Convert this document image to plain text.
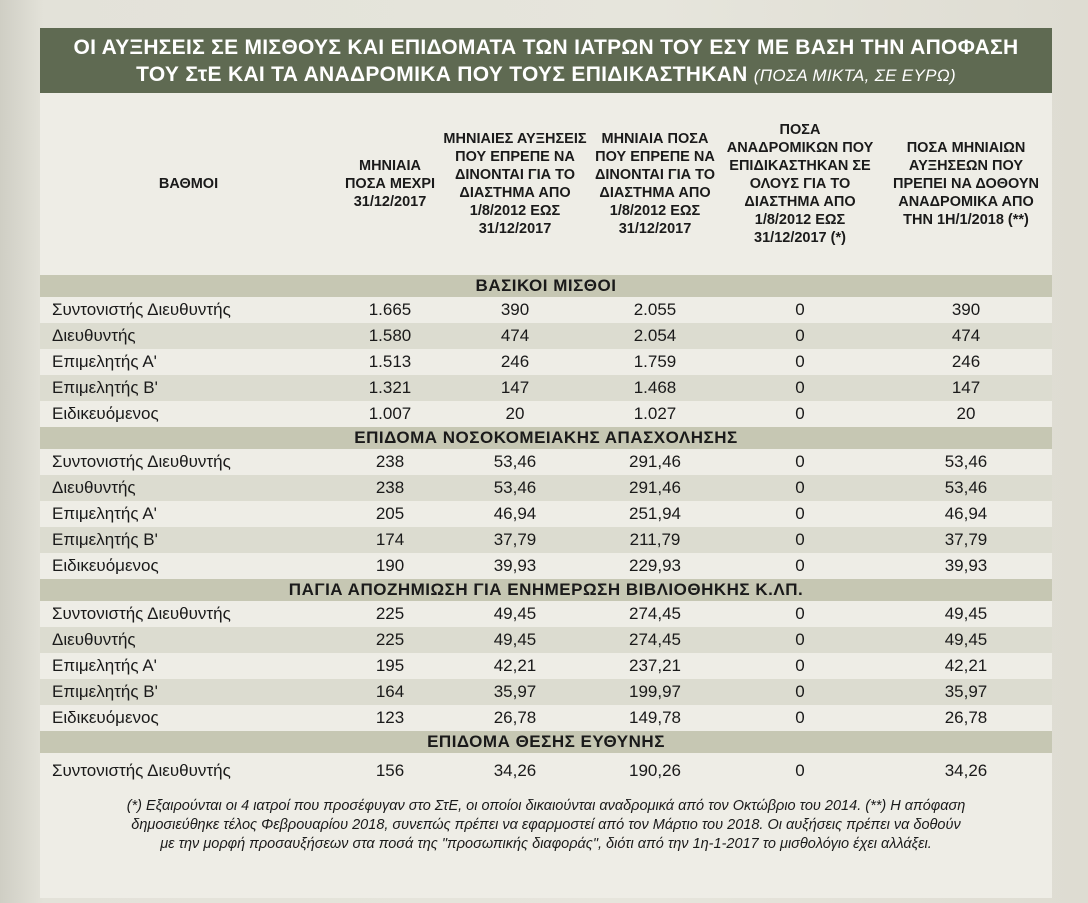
ΟΙ ΑΥΞΗΣΕΙΣ ΣΕ ΜΙΣΘΟΥΣ ΚΑΙ ΕΠΙΔΟΜΑΤΑ ΤΩΝ ΙΑΤΡΩΝ ΤΟΥ ΕΣΥ ΜΕ ΒΑΣΗ ΤΗΝ ΑΠΟΦΑΣΗ
ΤΟΥ ΣτΕ ΚΑΙ ΤΑ ΑΝΑΔΡΟΜΙΚΑ ΠΟΥ ΤΟΥΣ ΕΠΙΔΙΚΑΣΤΗΚΑΝ (ΠΟΣΑ ΜΙΚΤΑ, ΣΕ ΕΥΡΩ)
ΒΑΘΜΟΙ	ΜΗΝΙΑΙΑ ΠΟΣΑ ΜΕΧΡΙ 31/12/2017	ΜΗΝΙΑΙΕΣ ΑΥΞΗΣΕΙΣ ΠΟΥ ΕΠΡΕΠΕ ΝΑ ΔΙΝΟΝΤΑΙ ΓΙΑ ΤΟ ΔΙΑΣΤΗΜΑ ΑΠΟ 1/8/2012 ΕΩΣ 31/12/2017	ΜΗΝΙΑΙΑ ΠΟΣΑ ΠΟΥ ΕΠΡΕΠΕ ΝΑ ΔΙΝΟΝΤΑΙ ΓΙΑ ΤΟ ΔΙΑΣΤΗΜΑ ΑΠΟ 1/8/2012 ΕΩΣ 31/12/2017	ΠΟΣΑ ΑΝΑΔΡΟΜΙΚΩΝ ΠΟΥ ΕΠΙΔΙΚΑΣΤΗΚΑΝ ΣΕ ΟΛΟΥΣ ΓΙΑ ΤΟ ΔΙΑΣΤΗΜΑ ΑΠΟ 1/8/2012 ΕΩΣ 31/12/2017 (*)	ΠΟΣΑ ΜΗΝΙΑΙΩΝ ΑΥΞΗΣΕΩΝ ΠΟΥ ΠΡΕΠΕΙ ΝΑ ΔΟΘΟΥΝ ΑΝΑΔΡΟΜΙΚΑ ΑΠΟ ΤΗΝ 1Η/1/2018 (**)
ΒΑΣΙΚΟΙ ΜΙΣΘΟΙ					
Συντονιστής Διευθυντής	1.665	390	2.055	0	390
Διευθυντής	1.580	474	2.054	0	474
Επιμελητής Α'	1.513	246	1.759	0	246
Επιμελητής Β'	1.321	147	1.468	0	147
Ειδικευόμενος	1.007	20	1.027	0	20
ΕΠΙΔΟΜΑ ΝΟΣΟΚΟΜΕΙΑΚΗΣ ΑΠΑΣΧΟΛΗΣΗΣ					
Συντονιστής Διευθυντής	238	53,46	291,46	0	53,46
Διευθυντής	238	53,46	291,46	0	53,46
Επιμελητής Α'	205	46,94	251,94	0	46,94
Επιμελητής Β'	174	37,79	211,79	0	37,79
Ειδικευόμενος	190	39,93	229,93	0	39,93
ΠΑΓΙΑ ΑΠΟΖΗΜΙΩΣΗ ΓΙΑ ΕΝΗΜΕΡΩΣΗ ΒΙΒΛΙΟΘΗΚΗΣ Κ.ΛΠ.					
Συντονιστής Διευθυντής	225	49,45	274,45	0	49,45
Διευθυντής	225	49,45	274,45	0	49,45
Επιμελητής Α'	195	42,21	237,21	0	42,21
Επιμελητής Β'	164	35,97	199,97	0	35,97
Ειδικευόμενος	123	26,78	149,78	0	26,78
ΕΠΙΔΟΜΑ ΘΕΣΗΣ ΕΥΘΥΝΗΣ					
Συντονιστής Διευθυντής	156	34,26	190,26	0	34,26
(*) Εξαιρούνται οι 4 ιατροί που προσέφυγαν στο ΣτΕ, οι οποίοι δικαιούνται αναδρομικά από τον Οκτώβριο του 2014. (**) Η απόφαση
δημοσιεύθηκε τέλος Φεβρουαρίου 2018, συνεπώς πρέπει να εφαρμοστεί από τον Μάρτιο του 2018. Οι αυξήσεις πρέπει να δοθούν
με την μορφή προσαυξήσεων στα ποσά της "προσωπικής διαφοράς", διότι από την 1η-1-2017 το μισθολόγιο έχει αλλάξει.
